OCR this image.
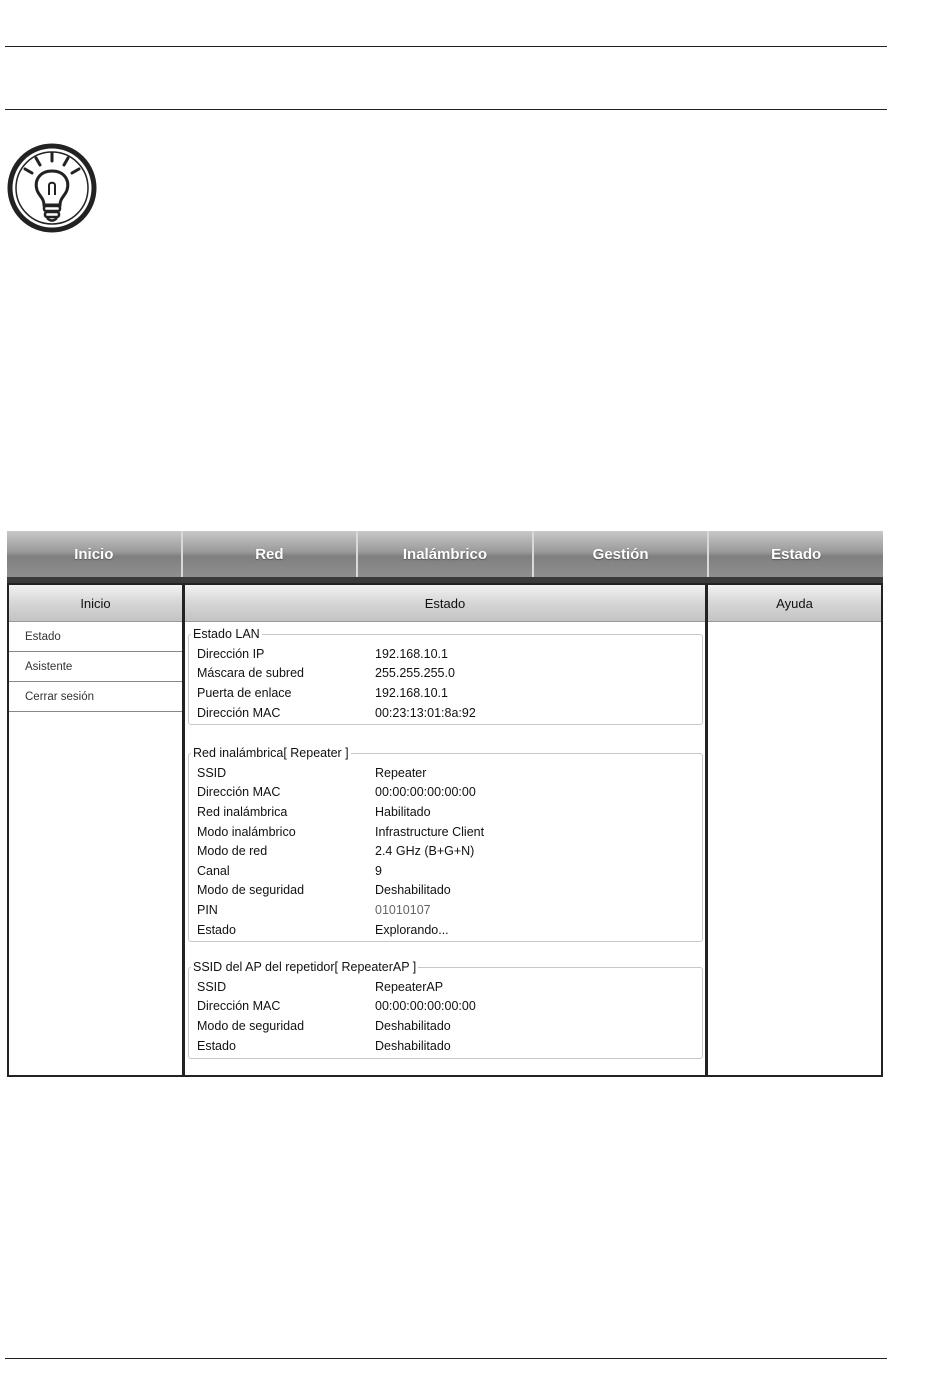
Inicio	Red	Inalámbrico	Gestión	Estado
Inicio
Estado
Asistente
Cerrar sesión
Estado
Estado LAN
Dirección IP	192.168.10.1
Máscara de subred	255.255.255.0
Puerta de enlace	192.168.10.1
Dirección MAC	00:23:13:01:8a:92
Red inalámbrica[ Repeater ]
SSID	Repeater
Dirección MAC	00:00:00:00:00:00
Red inalámbrica	Habilitado
Modo inalámbrico	Infrastructure Client
Modo de red	2.4 GHz (B+G+N)
Canal	9
Modo de seguridad	Deshabilitado
PIN	01010107
Estado	Explorando...
SSID del AP del repetidor[ RepeaterAP ]
SSID	RepeaterAP
Dirección MAC	00:00:00:00:00:00
Modo de seguridad	Deshabilitado
Estado	Deshabilitado
Ayuda
